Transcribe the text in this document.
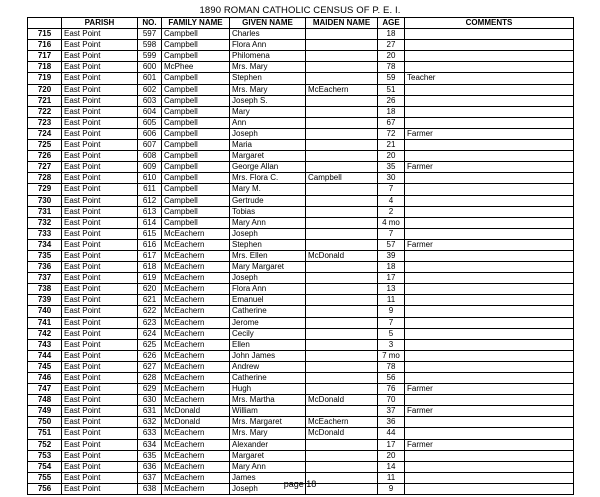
1890 ROMAN CATHOLIC CENSUS OF P. E. I.
	PARISH	NO.	FAMILY NAME	GIVEN NAME	MAIDEN NAME	AGE	COMMENTS
715	East Point	597	Campbell	Charles		18	
716	East Point	598	Campbell	Flora Ann		27	
717	East Point	599	Campbell	Philomena		20	
718	East Point	600	McPhee	Mrs. Mary		78	
719	East Point	601	Campbell	Stephen		59	Teacher
720	East Point	602	Campbell	Mrs. Mary	McEachern	51	
721	East Point	603	Campbell	Joseph S.		26	
722	East Point	604	Campbell	Mary		18	
723	East Point	605	Campbell	Ann		67	
724	East Point	606	Campbell	Joseph		72	Farmer
725	East Point	607	Campbell	Maria		21	
726	East Point	608	Campbell	Margaret		20	
727	East Point	609	Campbell	George Allan		35	Farmer
728	East Point	610	Campbell	Mrs. Flora C.	Campbell	30	
729	East Point	611	Campbell	Mary M.		7	
730	East Point	612	Campbell	Gertrude		4	
731	East Point	613	Campbell	Tobias		2	
732	East Point	614	Campbell	Mary Ann		4 mo	
733	East Point	615	McEachern	Joseph		7	
734	East Point	616	McEachern	Stephen		57	Farmer
735	East Point	617	McEachern	Mrs. Ellen	McDonald	39	
736	East Point	618	McEachern	Mary Margaret		18	
737	East Point	619	McEachern	Joseph		17	
738	East Point	620	McEachern	Flora Ann		13	
739	East Point	621	McEachern	Emanuel		11	
740	East Point	622	McEachern	Catherine		9	
741	East Point	623	McEachern	Jerome		7	
742	East Point	624	McEachern	Cecily		5	
743	East Point	625	McEachern	Ellen		3	
744	East Point	626	McEachern	John James		7 mo	
745	East Point	627	McEachern	Andrew		78	
746	East Point	628	McEachern	Catherine		56	
747	East Point	629	McEachern	Hugh		76	Farmer
748	East Point	630	McEachern	Mrs. Martha	McDonald	70	
749	East Point	631	McDonald	William		37	Farmer
750	East Point	632	McDonald	Mrs. Margaret	McEachern	36	
751	East Point	633	McEachern	Mrs. Mary	McDonald	44	
752	East Point	634	McEachern	Alexander		17	Farmer
753	East Point	635	McEachern	Margaret		20	
754	East Point	636	McEachern	Mary Ann		14	
755	East Point	637	McEachern	James		11	
756	East Point	638	McEachern	Joseph		9	
page 18
